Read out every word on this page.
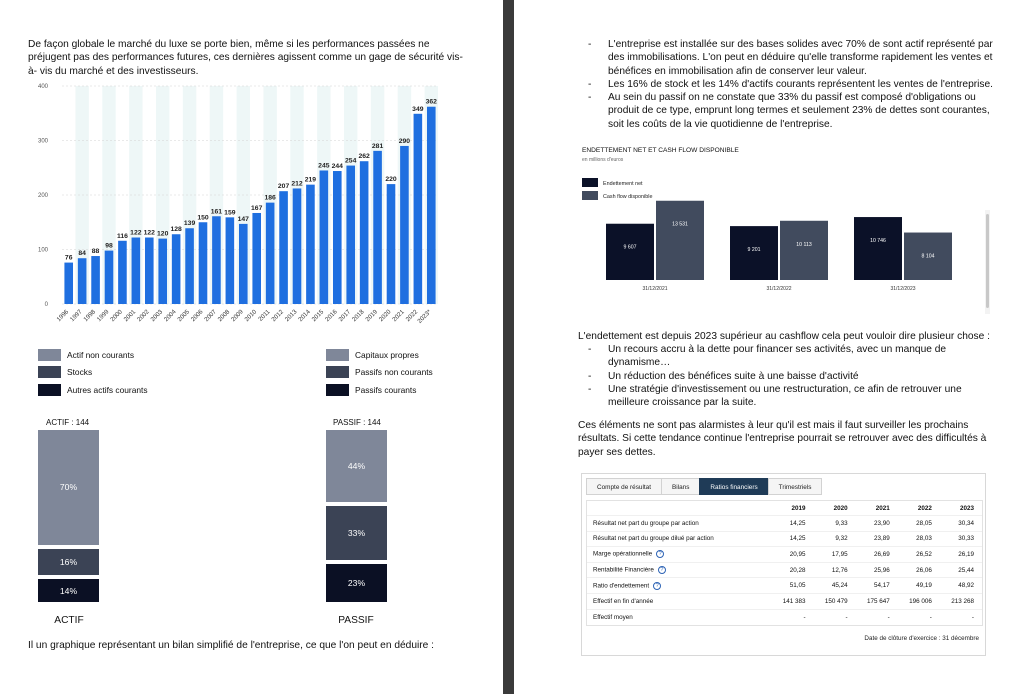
De façon globale le marché du luxe se porte bien, même si les performances passées ne préjugent pas des performances futures, ces dernières agissent comme un gage de sécurité vis-à- vis du marché et des investisseurs.

0
100
200
300
400
76
1996
84
1997
88
1998
98
1999
116
2000
122
2001
122
2002
120
2003
128
2004
139
2005
150
2006
161
2007
159
2008
147
2009
167
2010
186
2011
207
2012
212
2013
219
2014
245
2015
244
2016
254
2017
262
2018
281
2019
220
2020
290
2021
349
2022
362
2023*
Actif non courants
Stocks
Autres actifs courants
Capitaux propres
Passifs non courants
Passifs courants
ACTIF : 144
70%
16%
14%
ACTIF
PASSIF : 144
44%
33%
23%
PASSIF

Il un graphique représentant un bilan simplifié de l'entreprise, ce que l'on peut en déduire :

- L'entreprise est installée sur des bases solides avec 70% de sont actif représenté par des immobilisations. L'on peut en déduire qu'elle transforme rapidement les ventes et bénéfices en immobilisation afin de conserver leur valeur.
- Les 16% de stock et les 14% d'actifs courants représentent les ventes de l'entreprise.
- Au sein du passif on ne constate que 33% du passif est composé d'obligations ou produit de ce type, emprunt long termes et seulement 23% de dettes sont courantes, soit les coûts de la vie quotidienne de l'entreprise.

L'endettement est depuis 2023 supérieur au cashflow cela peut vouloir dire plusieur chose :

- Un recours accru à la dette pour financer ses activités, avec un manque de dynamisme…
- Un réduction des bénéfices suite à une baisse d'activité
- Une stratégie d'investissement ou une restructuration, ce afin de retrouver une meilleure croissance par la suite.

Ces éléments ne sont pas alarmistes à leur qu'il est mais il faut surveiller les prochains résultats. Si cette tendance continue l'entreprise pourrait se retrouver avec des difficultés à payer ses dettes.

ENDETTEMENT NET ET CASH FLOW DISPONIBLE
en millions d'euros
Endettement net
Cash flow disponible
9 607
13 531
31/12/2021
9 201
10 113
31/12/2022
10 746
8 104
31/12/2023
Compte de résultat	Bilans	Ratios financiers	Trimestriels
	2019	2020	2021	2022	2023
Résultat net part du groupe par action	14,25	9,33	23,90	28,05	30,34
Résultat net part du groupe dilué par action	14,25	9,32	23,89	28,03	30,33
Marge opérationnelle ?	20,95	17,95	26,69	26,52	26,19
Rentabilité Financière ?	20,28	12,76	25,96	26,06	25,44
Ratio d'endettement ?	51,05	45,24	54,17	49,19	48,92
Effectif en fin d'année	141 383	150 479	175 647	196 006	213 268
Effectif moyen	-	-	-	-	-
Date de clôture d'exercice : 31 décembre
